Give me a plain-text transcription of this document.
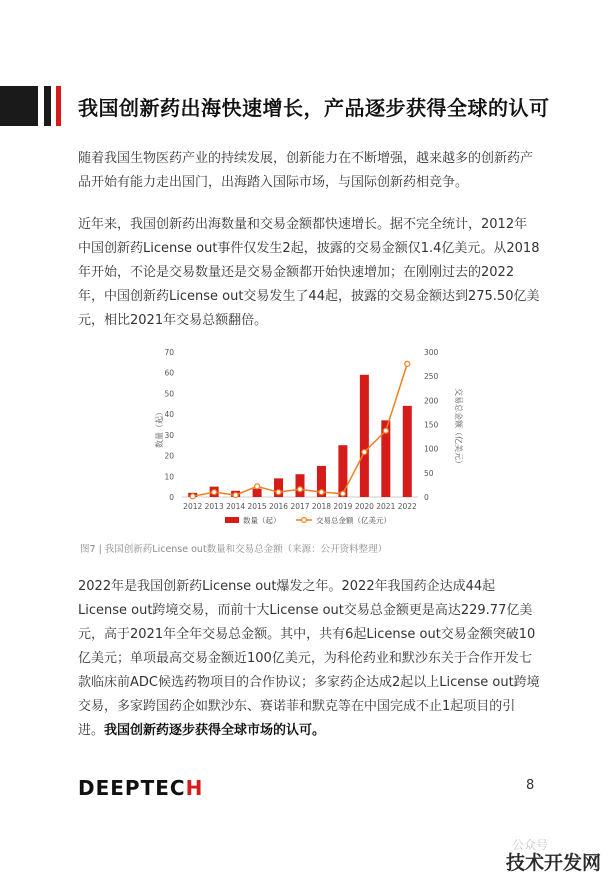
我国创新药出海快速增长，产品逐步获得全球的认可

随着我国生物医药产业的持续发展，创新能力在不断增强，越来越多的创新药产品开始有能力走出国门，出海踏入国际市场，与国际创新药相竞争。

近年来，我国创新药出海数量和交易金额都快速增长。据不完全统计，2012年中国创新药License out事件仅发生2起，披露的交易金额仅1.4亿美元。从2018年开始，不论是交易数量还是交易金额都开始快速增加；在刚刚过去的2022年，中国创新药License out交易发生了44起，披露的交易金额达到275.50亿美元，相比2021年交易总额翻倍。

0
10
20
30
40
50
60
70
0
50
100
150
200
250
300
2012 2013 2014 2015 2016 2017 2018 2019 2020 2021 2022
数量（起）	交易总金额（亿美元）
数量（起）	交易总金额（亿美元）
图7 | 我国创新药License out数量和交易总金额（来源：公开资料整理）

2022年是我国创新药License out爆发之年。2022年我国药企达成44起License out跨境交易，而前十大License out交易总金额更是高达229.77亿美元，高于2021年全年交易总金额。其中，共有6起License out交易金额突破10亿美元；单项最高交易金额近100亿美元，为科伦药业和默沙东关于合作开发七款临床前ADC候选药物项目的合作协议；多家药企达成2起以上License out跨境交易，多家跨国药企如默沙东、赛诺菲和默克等在中国完成不止1起项目的引进。我国创新药逐步获得全球市场的认可。

DEEPTECH	8
公众号
技术开发网
